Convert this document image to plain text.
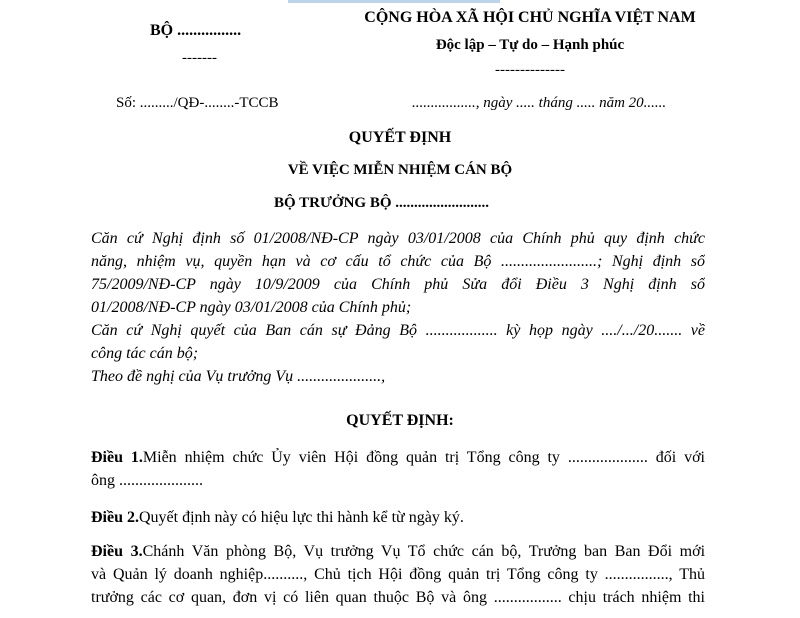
BỘ ................
-------
CỘNG HÒA XÃ HỘI CHỦ NGHĨA VIỆT NAM
Độc lập – Tự do – Hạnh phúc
--------------
Số: ........./QĐ-........-TCCB	................., ngày ..... tháng ..... năm 20......
QUYẾT ĐỊNH
VỀ VIỆC MIỄN NHIỆM CÁN BỘ
BỘ TRƯỞNG BỘ .........................
Căn cứ Nghị định số 01/2008/NĐ-CP ngày 03/01/2008 của Chính phủ quy định chức
năng, nhiệm vụ, quyền hạn và cơ cấu tổ chức của Bộ ........................; Nghị định số
75/2009/NĐ-CP ngày 10/9/2009 của Chính phủ Sửa đổi Điều 3 Nghị định số
01/2008/NĐ-CP ngày 03/01/2008 của Chính phủ;
Căn cứ Nghị quyết của Ban cán sự Đảng Bộ .................. kỳ họp ngày ..../.../20....... về
công tác cán bộ;
Theo đề nghị của Vụ trưởng Vụ .....................,
QUYẾT ĐỊNH:
Điều 1.Miễn nhiệm chức Ủy viên Hội đồng quản trị Tổng công ty .................... đối với
ông .....................
Điều 2.Quyết định này có hiệu lực thi hành kể từ ngày ký.
Điều 3.Chánh Văn phòng Bộ, Vụ trưởng Vụ Tổ chức cán bộ, Trưởng ban Ban Đổi mới
và Quản lý doanh nghiệp.........., Chủ tịch Hội đồng quản trị Tổng công ty ................, Thủ
trưởng các cơ quan, đơn vị có liên quan thuộc Bộ và ông ................. chịu trách nhiệm thi
